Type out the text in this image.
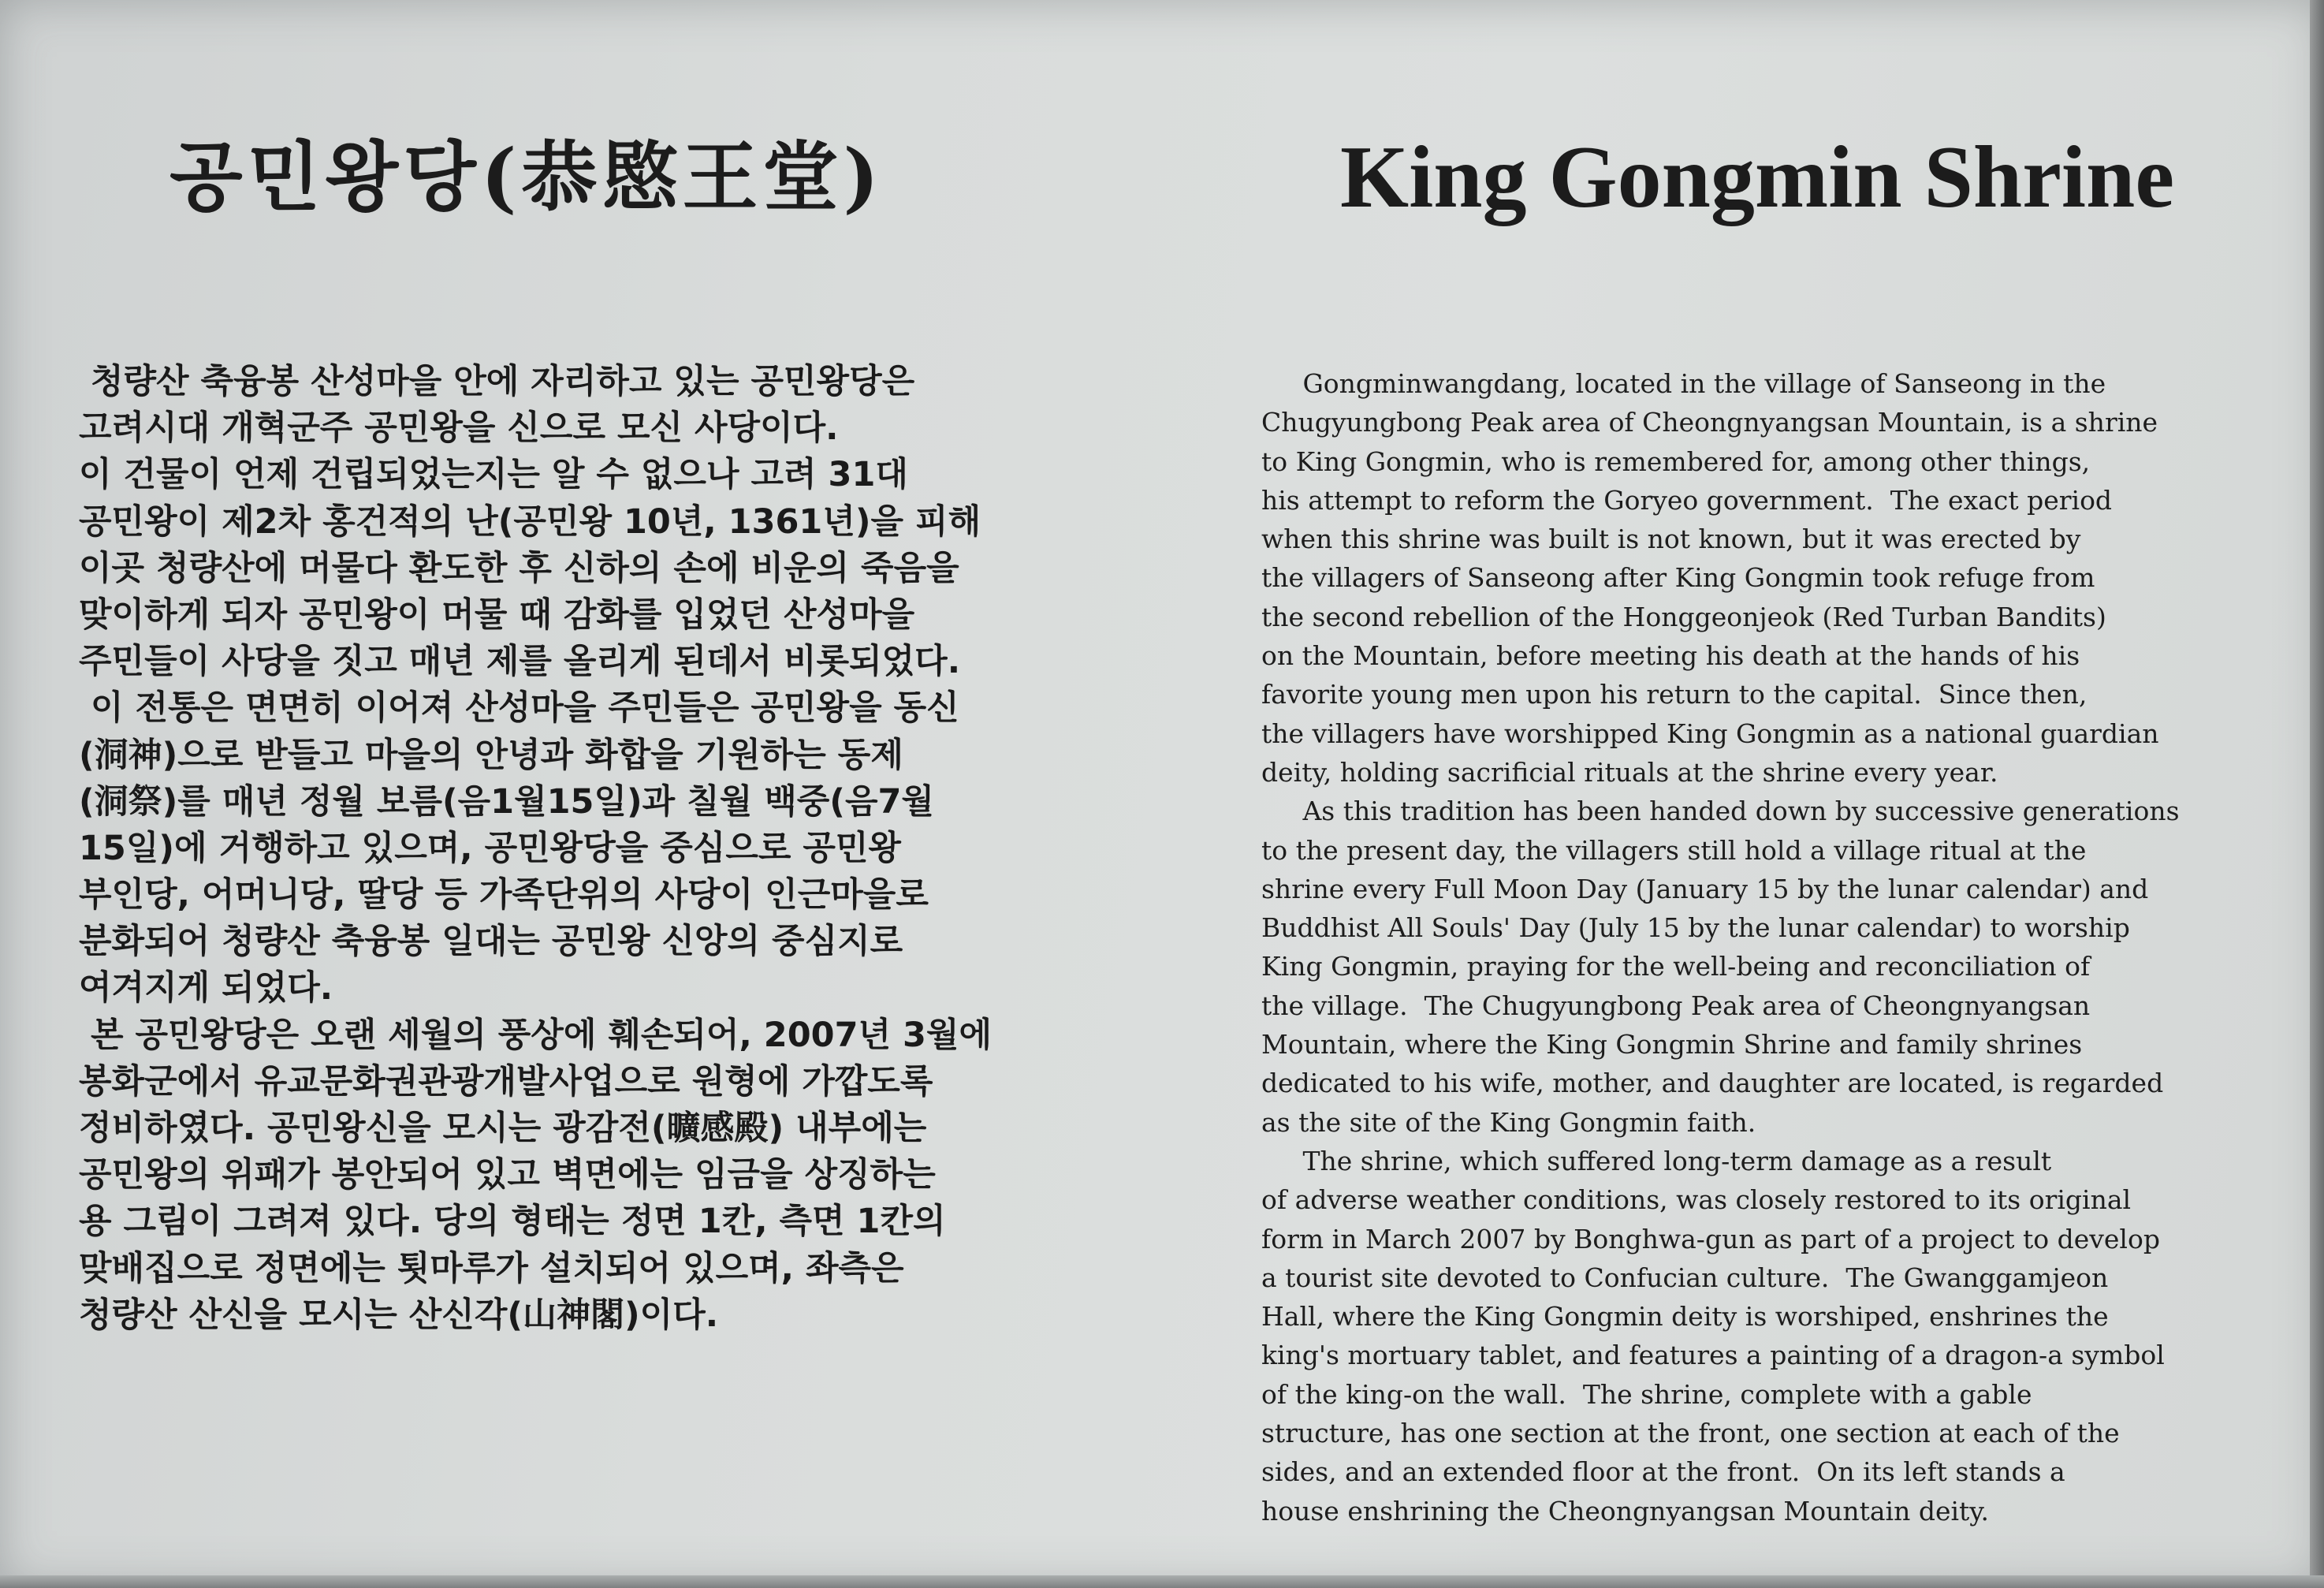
공민왕당(恭愍王堂)	King Gongmin Shrine
청량산 축융봉 산성마을 안에 자리하고 있는 공민왕당은
고려시대 개혁군주 공민왕을 신으로 모신 사당이다.
이 건물이 언제 건립되었는지는 알 수 없으나 고려 31대
공민왕이 제2차 홍건적의 난(공민왕 10년, 1361년)을 피해
이곳 청량산에 머물다 환도한 후 신하의 손에 비운의 죽음을
맞이하게 되자 공민왕이 머물 때 감화를 입었던 산성마을
주민들이 사당을 짓고 매년 제를 올리게 된데서 비롯되었다.
이 전통은 면면히 이어져 산성마을 주민들은 공민왕을 동신
(洞神)으로 받들고 마을의 안녕과 화합을 기원하는 동제
(洞祭)를 매년 정월 보름(음1월15일)과 칠월 백중(음7월
15일)에 거행하고 있으며, 공민왕당을 중심으로 공민왕
부인당, 어머니당, 딸당 등 가족단위의 사당이 인근마을로
분화되어 청량산 축융봉 일대는 공민왕 신앙의 중심지로
여겨지게 되었다.
본 공민왕당은 오랜 세월의 풍상에 훼손되어, 2007년 3월에
봉화군에서 유교문화권관광개발사업으로 원형에 가깝도록
정비하였다. 공민왕신을 모시는 광감전(曠感殿) 내부에는
공민왕의 위패가 봉안되어 있고 벽면에는 임금을 상징하는
용 그림이 그려져 있다. 당의 형태는 정면 1칸, 측면 1칸의
맞배집으로 정면에는 툇마루가 설치되어 있으며, 좌측은
청량산 산신을 모시는 산신각(山神閣)이다.
Gongminwangdang, located in the village of Sanseong in the
Chugyungbong Peak area of Cheongnyangsan Mountain, is a shrine
to King Gongmin, who is remembered for, among other things,
his attempt to reform the Goryeo government.  The exact period
when this shrine was built is not known, but it was erected by
the villagers of Sanseong after King Gongmin took refuge from
the second rebellion of the Honggeonjeok (Red Turban Bandits)
on the Mountain, before meeting his death at the hands of his
favorite young men upon his return to the capital.  Since then,
the villagers have worshipped King Gongmin as a national guardian
deity, holding sacrificial rituals at the shrine every year.
As this tradition has been handed down by successive generations
to the present day, the villagers still hold a village ritual at the
shrine every Full Moon Day (January 15 by the lunar calendar) and
Buddhist All Souls' Day (July 15 by the lunar calendar) to worship
King Gongmin, praying for the well-being and reconciliation of
the village.  The Chugyungbong Peak area of Cheongnyangsan
Mountain, where the King Gongmin Shrine and family shrines
dedicated to his wife, mother, and daughter are located, is regarded
as the site of the King Gongmin faith.
The shrine, which suffered long-term damage as a result
of adverse weather conditions, was closely restored to its original
form in March 2007 by Bonghwa-gun as part of a project to develop
a tourist site devoted to Confucian culture.  The Gwanggamjeon
Hall, where the King Gongmin deity is worshiped, enshrines the
king's mortuary tablet, and features a painting of a dragon-a symbol
of the king-on the wall.  The shrine, complete with a gable
structure, has one section at the front, one section at each of the
sides, and an extended floor at the front.  On its left stands a
house enshrining the Cheongnyangsan Mountain deity.
